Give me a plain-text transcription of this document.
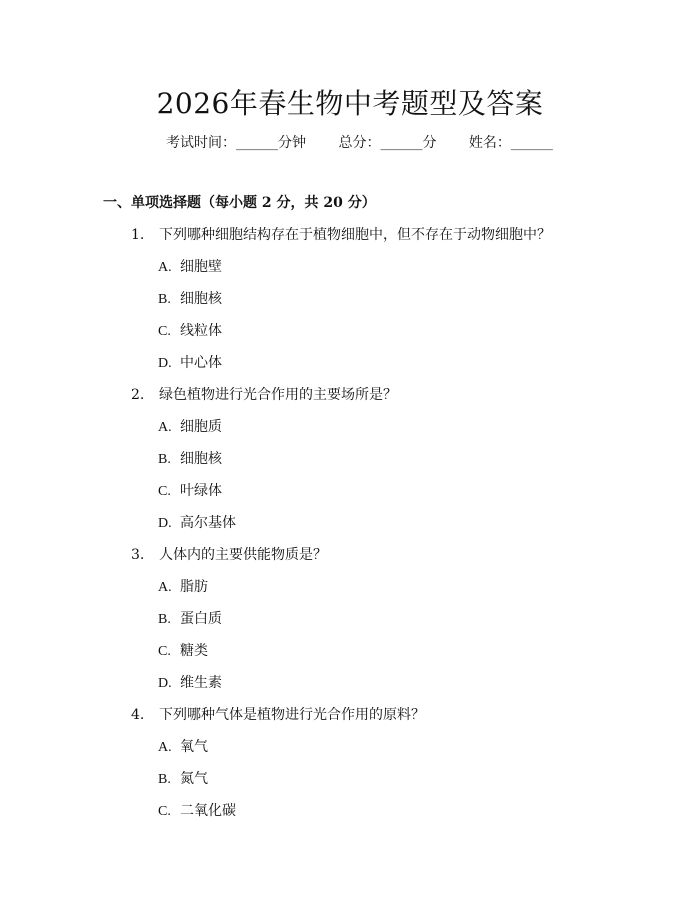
2026年春生物中考题型及答案
考试时间：______分钟 总分：______分 姓名：______
一、单项选择题（每小题 2 分，共 20 分）
1. 下列哪种细胞结构存在于植物细胞中，但不存在于动物细胞中？
A. 细胞壁
B. 细胞核
C. 线粒体
D. 中心体
2. 绿色植物进行光合作用的主要场所是？
A. 细胞质
B. 细胞核
C. 叶绿体
D. 高尔基体
3. 人体内的主要供能物质是？
A. 脂肪
B. 蛋白质
C. 糖类
D. 维生素
4. 下列哪种气体是植物进行光合作用的原料？
A. 氧气
B. 氮气
C. 二氧化碳
